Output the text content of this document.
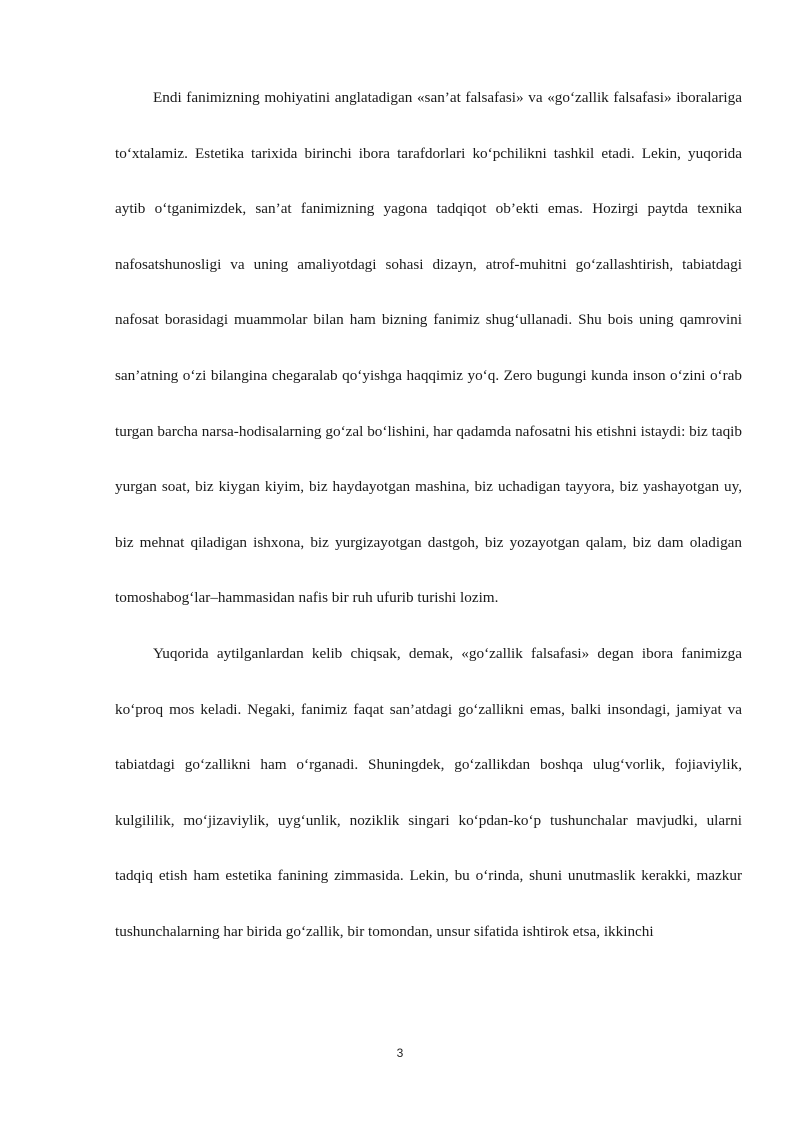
Endi fanimizning mohiyatini anglatadigan «san’at falsafasi» va «go‘zallik falsafasi» iboralariga to‘xtalamiz. Estetika tarixida birinchi ibora tarafdorlari ko‘pchilikni tashkil etadi. Lekin, yuqorida aytib o‘tganimizdek, san’at fanimizning yagona tadqiqot ob’ekti emas. Hozirgi paytda texnika nafosatshunosligi va uning amaliyotdagi sohasi dizayn, atrof-muhitni go‘zallashtirish, tabiatdagi nafosat borasidagi muammolar bilan ham bizning fanimiz shug‘ullanadi. Shu bois uning qamrovini san’atning o‘zi bilangina chegaralab qo‘yishga haqqimiz yo‘q. Zero bugungi kunda inson o‘zini o‘rab turgan barcha narsa-hodisalarning go‘zal bo‘lishini, har qadamda nafosatni his etishni istaydi: biz taqib yurgan soat, biz kiygan kiyim, biz haydayotgan mashina, biz uchadigan tayyora, biz yashayotgan uy, biz mehnat qiladigan ishxona, biz yurgizayotgan dastgoh, biz yozayotgan qalam, biz dam oladigan tomoshabog‘lar–hammasidan nafis bir ruh ufurib turishi lozim.

Yuqorida aytilganlardan kelib chiqsak, demak, «go‘zallik falsafasi» degan ibora fanimizga ko‘proq mos keladi. Negaki, fanimiz faqat san’atdagi go‘zallikni emas, balki insondagi, jamiyat va tabiatdagi go‘zallikni ham o‘rganadi. Shuningdek, go‘zallikdan boshqa ulug‘vorlik, fojiaviylik, kulgililik, mo‘jizaviylik, uyg‘unlik, noziklik singari ko‘pdan-ko‘p tushunchalar mavjudki, ularni tadqiq etish ham estetika fanining zimmasida. Lekin, bu o‘rinda, shuni unutmaslik kerakki, mazkur tushunchalarning har birida go‘zallik, bir tomondan, unsur sifatida ishtirok etsa, ikkinchi

3
